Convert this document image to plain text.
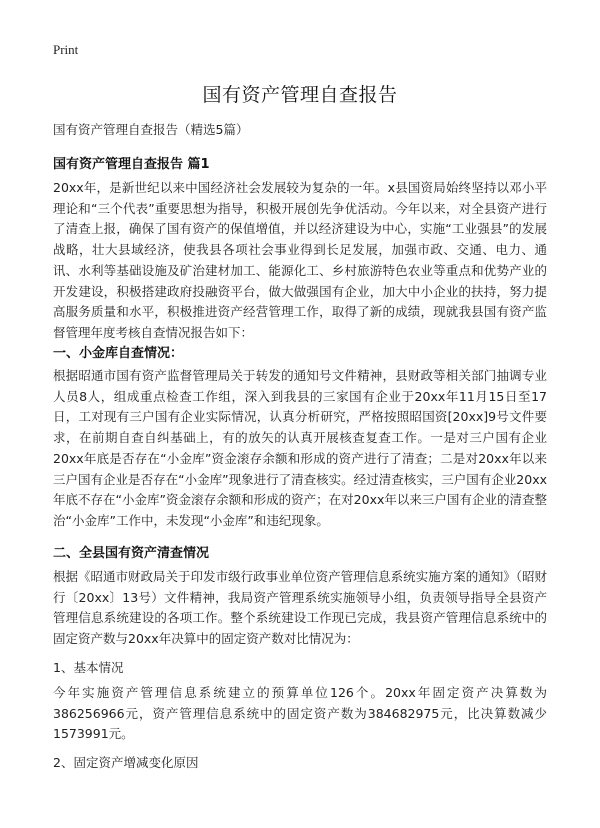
Print
国有资产管理自查报告
国有资产管理自查报告（精选5篇）
国有资产管理自查报告 篇1

20xx年，是新世纪以来中国经济社会发展较为复杂的一年。x县国资局始终坚持以邓小平理论和“三个代表”重要思想为指导，积极开展创先争优活动。今年以来，对全县资产进行了清查上报，确保了国有资产的保值增值，并以经济建设为中心，实施“工业强县”的发展战略，壮大县域经济，使我县各项社会事业得到长足发展，加强市政、交通、电力、通讯、水利等基础设施及矿治建材加工、能源化工、乡村旅游特色农业等重点和优势产业的开发建设，积极搭建政府投融资平台，做大做强国有企业，加大中小企业的扶持，努力提高服务质量和水平，积极推进资产经营管理工作，取得了新的成绩，现就我县国有资产监督管理年度考核自查情况报告如下：

一、小金库自查情况：

根据昭通市国有资产监督管理局关于转发的通知号文件精神，县财政等相关部门抽调专业人员8人，组成重点检查工作组，深入到我县的三家国有企业于20xx年11月15日至17日，工对现有三户国有企业实际情况，认真分析研究，严格按照昭国资[20xx]9号文件要求，在前期自查自纠基础上，有的放矢的认真开展核查复查工作。一是对三户国有企业20xx年底是否存在“小金库”资金滚存余额和形成的资产进行了清查；二是对20xx年以来三户国有企业是否存在“小金库”现象进行了清查核实。经过清查核实，三户国有企业20xx年底不存在“小金库”资金滚存余额和形成的资产；在对20xx年以来三户国有企业的清查整治“小金库”工作中，未发现“小金库”和违纪现象。

二、全县国有资产清查情况

根据《昭通市财政局关于印发市级行政事业单位资产管理信息系统实施方案的通知》（昭财行〔20xx〕13号）文件精神，我局资产管理系统实施领导小组，负责领导指导全县资产管理信息系统建设的各项工作。整个系统建设工作现已完成，我县资产管理信息系统中的固定资产数与20xx年决算中的固定资产数对比情况为：

1、基本情况

今年实施资产管理信息系统建立的预算单位126个。20xx年固定资产决算数为386256966元，资产管理信息系统中的固定资产数为384682975元，比决算数减少1573991元。

2、固定资产增减变化原因
